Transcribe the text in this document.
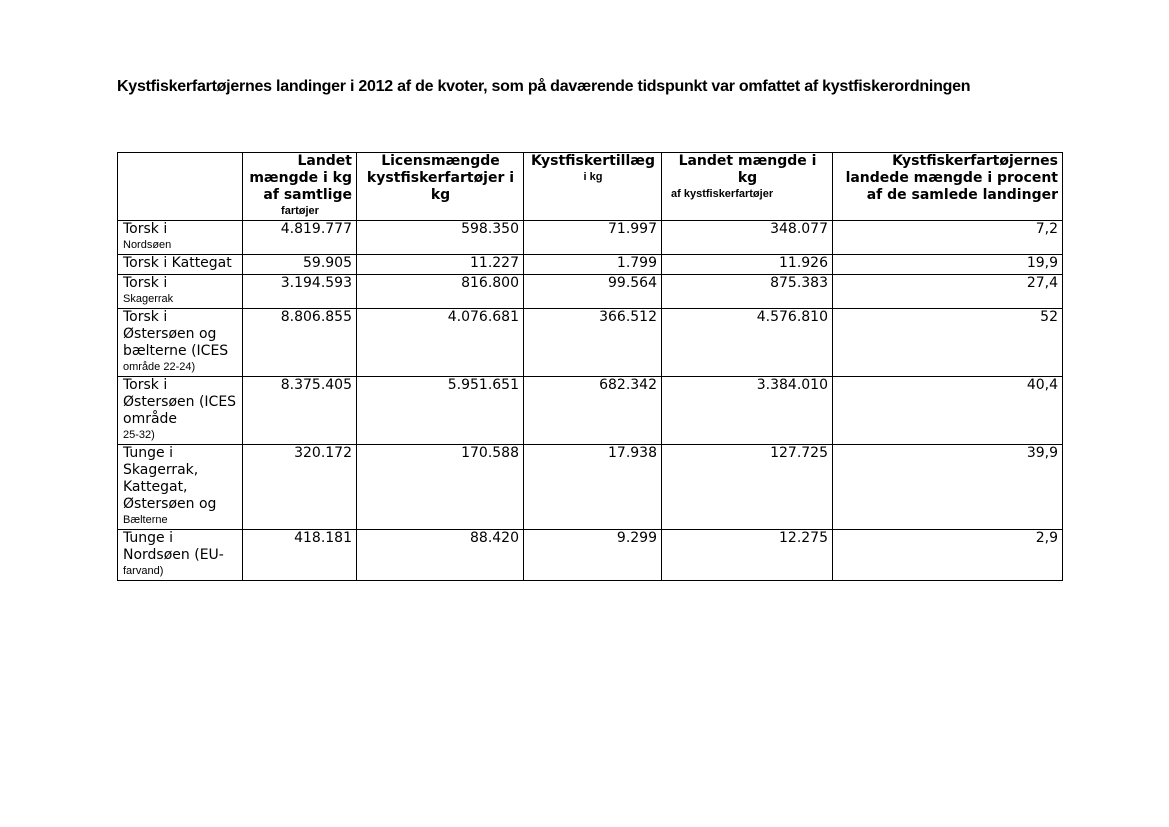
Kystfiskerfartøjernes landinger i 2012 af de kvoter, som på daværende tidspunkt var omfattet af kystfiskerordningen
	Landet mængde i kg af samtlige
fartøjer	Licensmængde kystfiskerfartøjer i kg	Kystfiskertillæg
i kg	Landet mængde i kg
af kystfiskerfartøjer	Kystfiskerfartøjernes landede mængde i procent af de samlede landinger

Torsk i
Nordsøen	4.819.777	598.350	71.997	348.077	7,2

Torsk i Kattegat	59.905	11.227	1.799	11.926	19,9

Torsk i
Skagerrak	3.194.593	816.800	99.564	875.383	27,4

Torsk i Østersøen og bælterne (ICES
område 22-24)	8.806.855	4.076.681	366.512	4.576.810	52

Torsk i Østersøen (ICES område
25-32)	8.375.405	5.951.651	682.342	3.384.010	40,4

Tunge i Skagerrak, Kattegat, Østersøen og
Bælterne	320.172	170.588	17.938	127.725	39,9

Tunge i Nordsøen (EU-
farvand)	418.181	88.420	9.299	12.275	2,9
